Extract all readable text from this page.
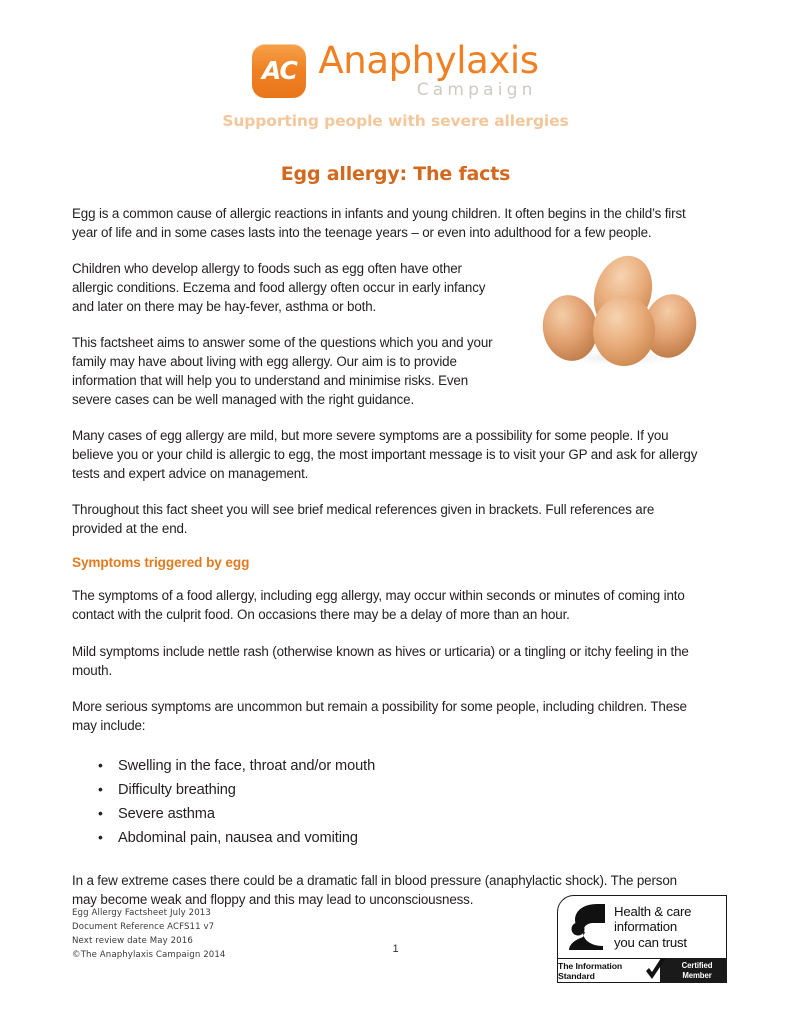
AC Anaphylaxis
Campaign
Supporting people with severe allergies
Egg allergy: The facts

Egg is a common cause of allergic reactions in infants and young children. It often begins in the child’s first year of life and in some cases lasts into the teenage years – or even into adulthood for a few people.

Children who develop allergy to foods such as egg often have other allergic conditions. Eczema and food allergy often occur in early infancy and later on there may be hay-fever, asthma or both.

This factsheet aims to answer some of the questions which you and your family may have about living with egg allergy. Our aim is to provide information that will help you to understand and minimise risks. Even severe cases can be well managed with the right guidance.

Many cases of egg allergy are mild, but more severe symptoms are a possibility for some people. If you believe you or your child is allergic to egg, the most important message is to visit your GP and ask for allergy tests and expert advice on management.

Throughout this fact sheet you will see brief medical references given in brackets. Full references are provided at the end.

Symptoms triggered by egg

The symptoms of a food allergy, including egg allergy, may occur within seconds or minutes of coming into contact with the culprit food. On occasions there may be a delay of more than an hour.

Mild symptoms include nettle rash (otherwise known as hives or urticaria) or a tingling or itchy feeling in the mouth.

More serious symptoms are uncommon but remain a possibility for some people, including children. These may include:

• Swelling in the face, throat and/or mouth
• Difficulty breathing
• Severe asthma
• Abdominal pain, nausea and vomiting

In a few extreme cases there could be a dramatic fall in blood pressure (anaphylactic shock). The person may become weak and floppy and this may lead to unconsciousness.

Egg Allergy Factsheet July 2013
Document Reference ACFS11 v7
Next review date May 2016
©The Anaphylaxis Campaign 2014	1
Health & care
information
you can trust
The Information Standard
Certified
Member
